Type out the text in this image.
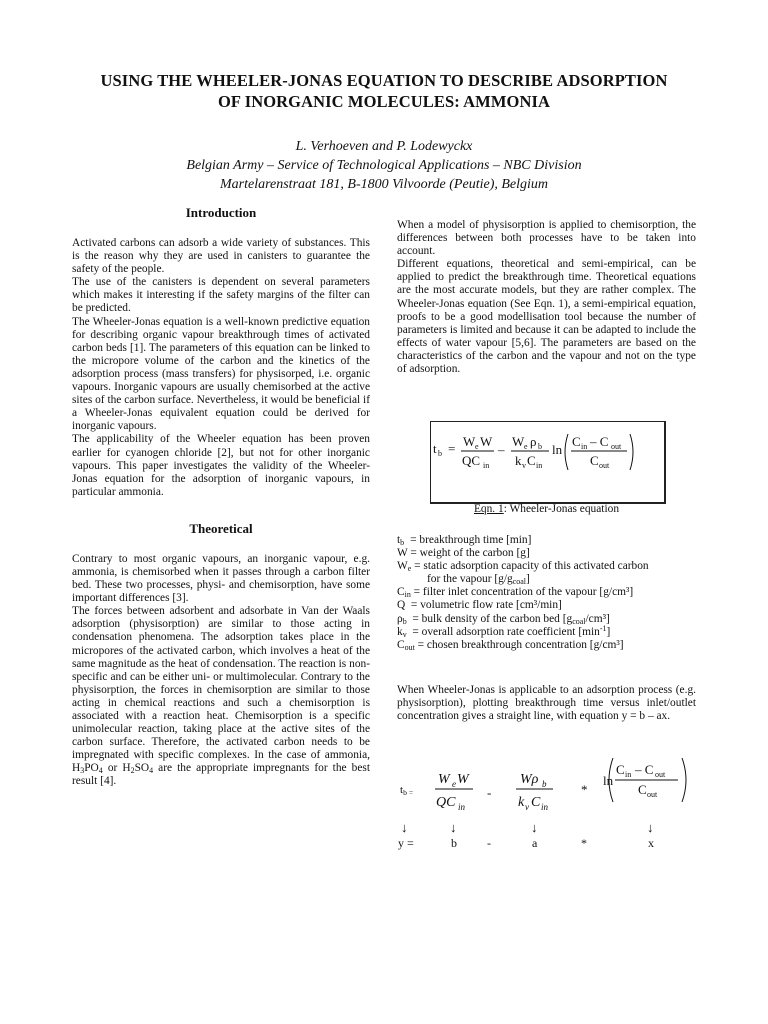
USING THE WHEELER-JONAS EQUATION TO DESCRIBE ADSORPTION
OF INORGANIC MOLECULES: AMMONIA
L. Verhoeven and P. Lodewyckx
Belgian Army – Service of Technological Applications – NBC Division
Martelarenstraat 181, B-1800 Vilvoorde (Peutie), Belgium
Introduction

Activated carbons can adsorb a wide variety of substances. This is the reason why they are used in canisters to guarantee the safety of the people.

The use of the canisters is dependent on several parameters which makes it interesting if the safety margins of the filter can be predicted.

The Wheeler-Jonas equation is a well-known predictive equation for describing organic vapour breakthrough times of activated carbon beds [1]. The parameters of this equation can be linked to the micropore volume of the carbon and the kinetics of the adsorption process (mass transfers) for physisorped, i.e. organic vapours. Inorganic vapours are usually chemisorbed at the active sites of the carbon surface. Nevertheless, it would be beneficial if a Wheeler-Jonas equivalent equation could be derived for inorganic vapours.

The applicability of the Wheeler equation has been proven earlier for cyanogen chloride [2], but not for other inorganic vapours. This paper investigates the validity of the Wheeler-Jonas equation for the adsorption of inorganic vapours, in particular ammonia.

Theoretical

Contrary to most organic vapours, an inorganic vapour, e.g. ammonia, is chemisorbed when it passes through a carbon filter bed. These two processes, physi- and chemisorption, have some important differences [3].

The forces between adsorbent and adsorbate in Van der Waals adsorption (physisorption) are similar to those acting in condensation phenomena. The adsorption takes place in the micropores of the activated carbon, which involves a heat of the same magnitude as the heat of condensation. The reaction is non-specific and can be either uni- or multimolecular. Contrary to the physisorption, the forces in chemisorption are similar to those acting in chemical reactions and such a chemisorption is associated with a reaction heat. Chemisorption is a specific unimolecular reaction, taking place at the active sites of the carbon surface. Therefore, the activated carbon needs to be impregnated with specific complexes. In the case of ammonia, $H_3PO_4$ or $H_2SO_4$ are the appropriate impregnants for the best result [4].

When a model of physisorption is applied to chemisorption, the differences between both processes have to be taken into account.

Different equations, theoretical and semi-empirical, can be applied to predict the breakthrough time. Theoretical equations are the most accurate models, but they are rather complex. The Wheeler-Jonas equation (See Eqn. 1), a semi-empirical equation, proofs to be a good modellisation tool because the number of parameters is limited and because it can be adapted to include the effects of water vapour [5,6]. The parameters are based on the characteristics of the carbon and the vapour and not on the type of adsorption.

t b = W e W
QC in
–
W e ρ b
k v C in
ln
C in – C out
C out
Eqn. 1: Wheeler-Jonas equation
$t_b$ = breakthrough time [min]
W = weight of the carbon [g]
$W_e$ = static adsorption capacity of this activated carbon
for the vapour $[g/g_{coal}]$
$C_{in}$ = filter inlet concentration of the vapour [g/cm³]
Q  = volumetric flow rate [cm³/min]
$\rho_b$  = bulk density of the carbon bed $[g_{coal}/cm^3]$
$k_v$  = overall adsorption rate coefficient $[\min^{-1}]$
$C_{out}$ = chosen breakthrough concentration [g/cm³]
When Wheeler-Jonas is applicable to an adsorption process (e.g. physisorption), plotting breakthrough time versus inlet/outlet concentration gives a straight line, with equation y = b – ax.
$t_{b =}$
W e W
QC in
Wρ b
k v C in
C in – C out
C out
-	*
ln
↓	↓	↓	↓
y =	b	-	a	*	x
